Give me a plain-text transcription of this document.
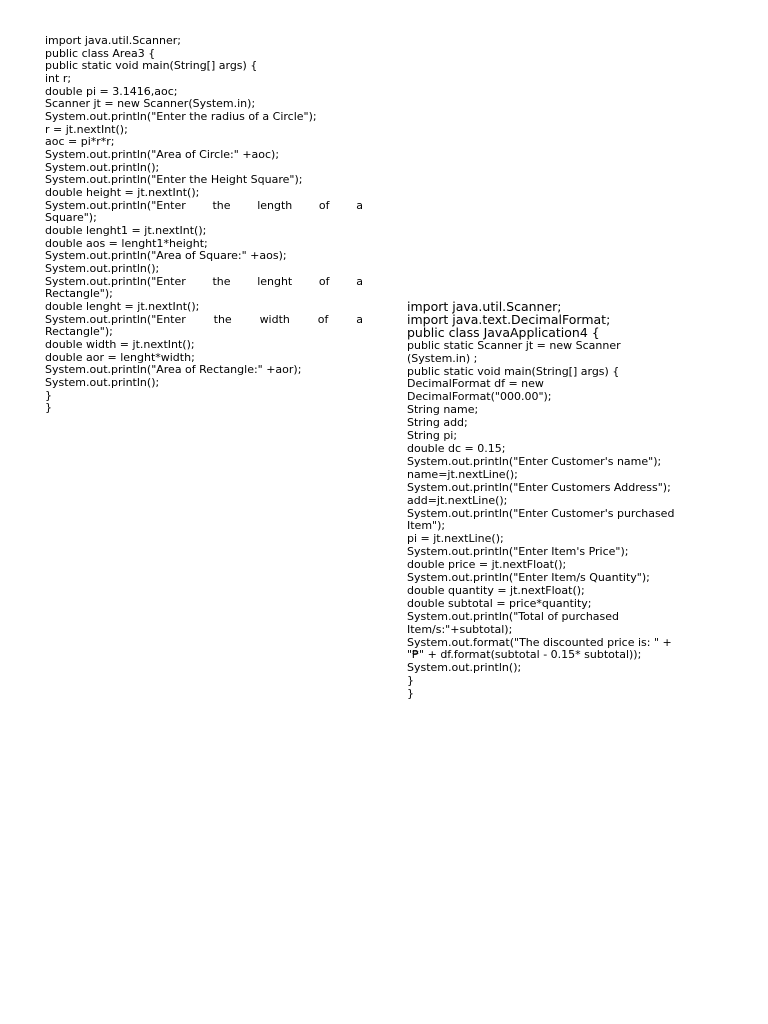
import java.util.Scanner;
public class Area3 {
public static void main(String[] args) {
int r;
double pi = 3.1416,aoc;
Scanner jt = new Scanner(System.in);
System.out.println("Enter the radius of a Circle");
r = jt.nextInt();
aoc = pi*r*r;
System.out.println("Area of Circle:" +aoc);
System.out.println();
System.out.println("Enter the Height Square");
double height = jt.nextInt();
System.out.println("Enter the length of a
Square");
double lenght1 = jt.nextInt();
double aos = lenght1*height;
System.out.println("Area of Square:" +aos);
System.out.println();
System.out.println("Enter the lenght of a
Rectangle");
double lenght = jt.nextInt();
System.out.println("Enter	the	width	of	a
Rectangle");
double width = jt.nextInt();
double aor = lenght*width;
System.out.println("Area of Rectangle:" +aor);
System.out.println();
}
}
import java.util.Scanner;
import java.text.DecimalFormat;
public class JavaApplication4 {
public static Scanner jt = new Scanner
(System.in) ;
public static void main(String[] args) {
DecimalFormat df = new
DecimalFormat("000.00");
String name;
String add;
String pi;
double dc = 0.15;
System.out.println("Enter Customer's name");
name=jt.nextLine();
System.out.println("Enter Customers Address");
add=jt.nextLine();
System.out.println("Enter Customer's purchased
Item");
pi = jt.nextLine();
System.out.println("Enter Item's Price");
double price = jt.nextFloat();
System.out.println("Enter Item/s Quantity");
double quantity = jt.nextFloat();
double subtotal = price*quantity;
System.out.println("Total of purchased
Item/s:"+subtotal);
System.out.format("The discounted price is: " +
"₱" + df.format(subtotal - 0.15* subtotal));
System.out.println();
}
}
